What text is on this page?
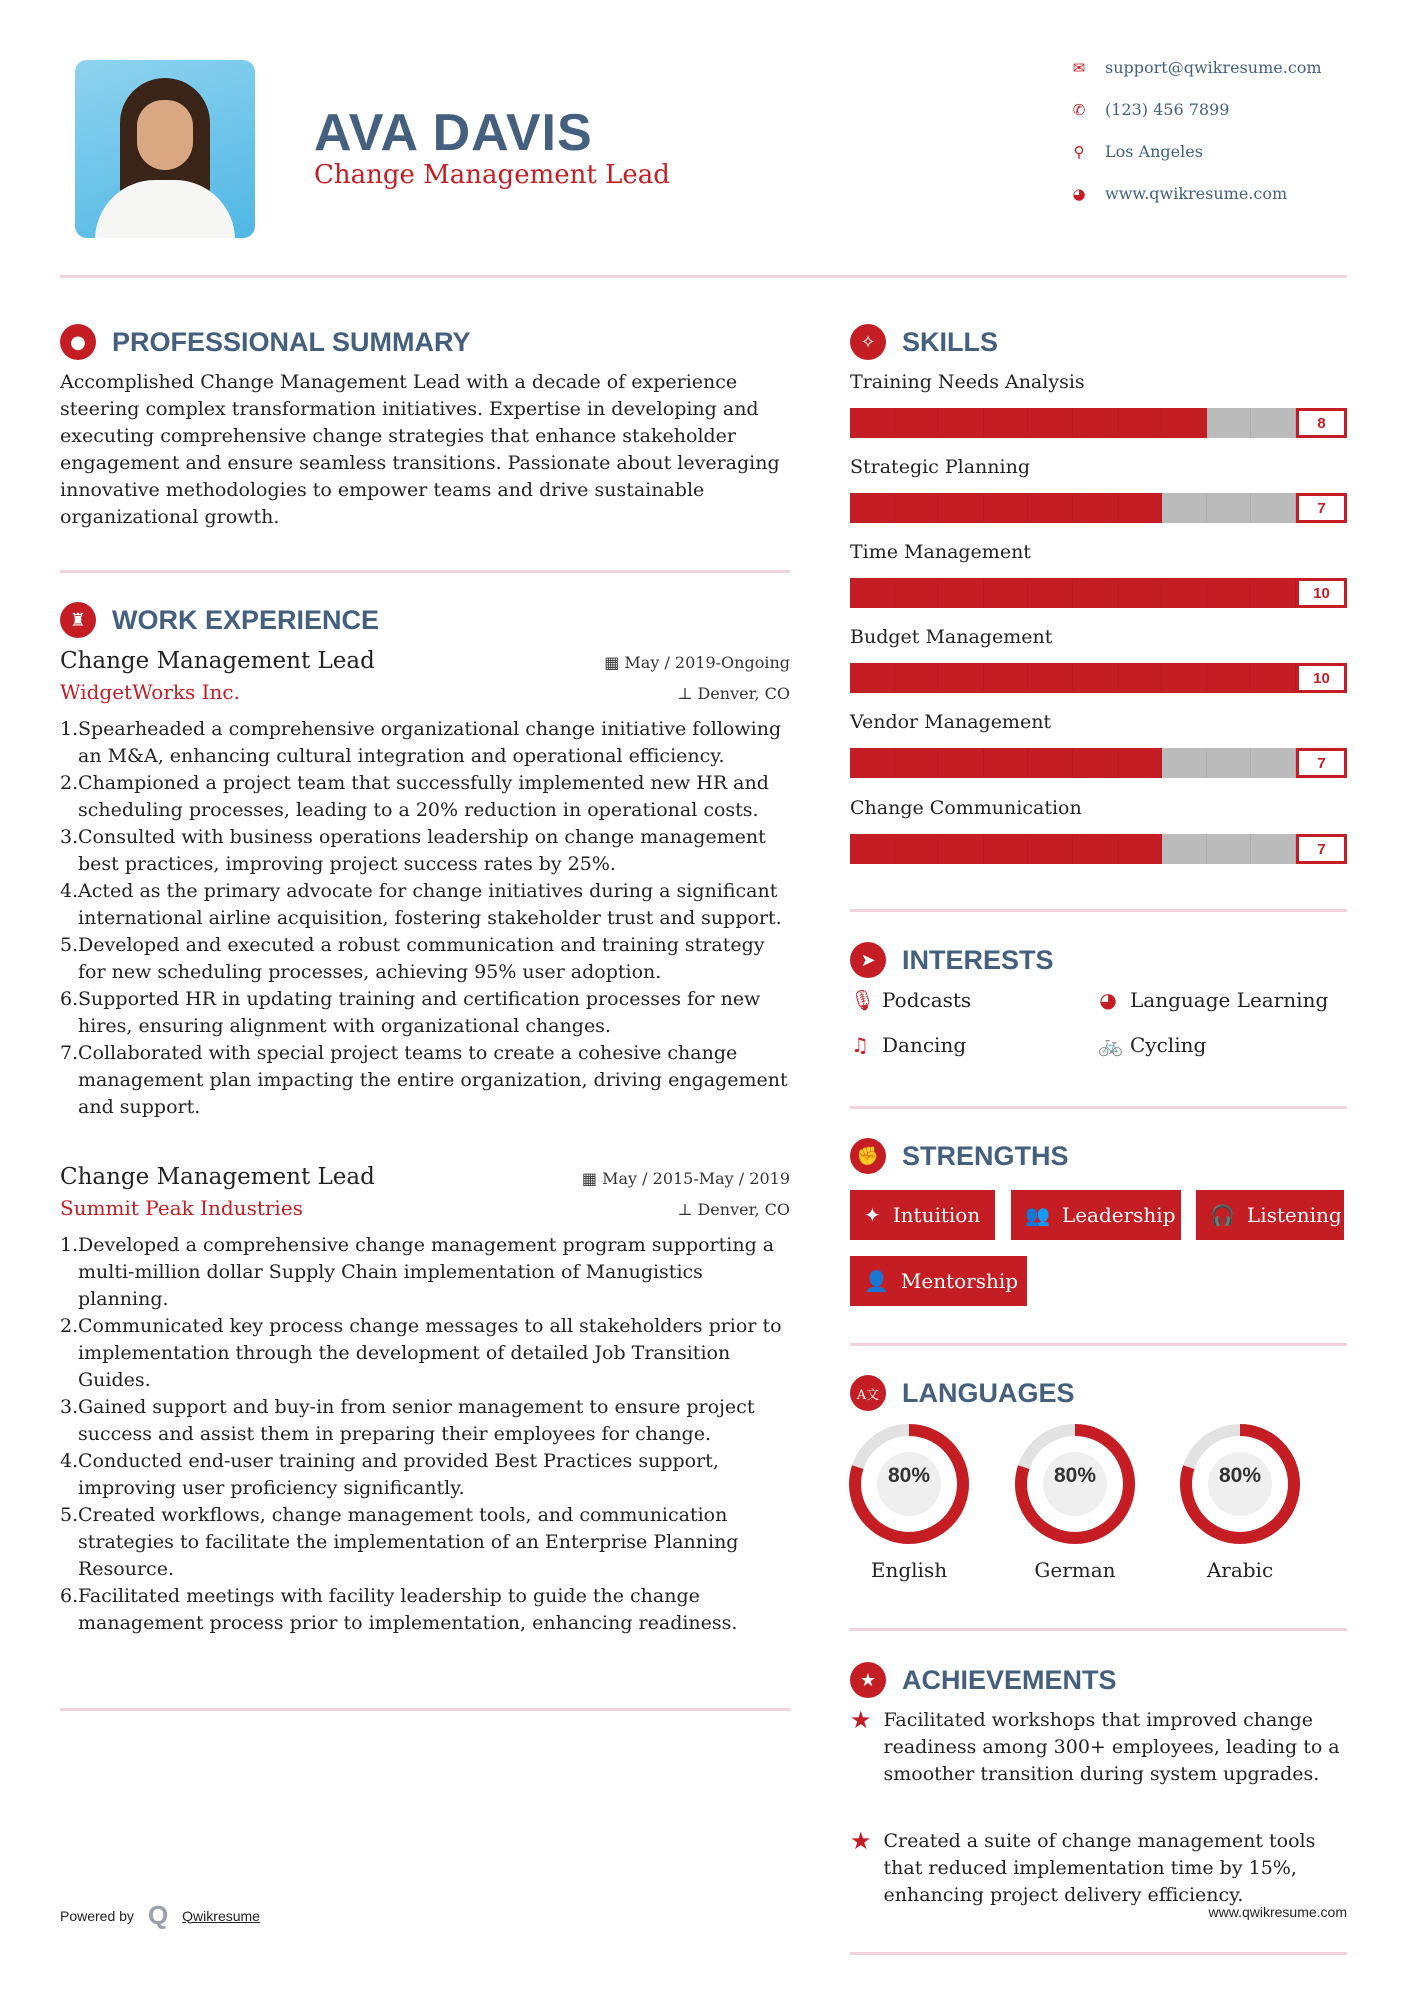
AVA DAVIS
Change Management Lead
✉ support@qwikresume.com
✆ (123) 456 7899
⚲ Los Angeles
◕ www.qwikresume.com
● PROFESSIONAL SUMMARY
Accomplished Change Management Lead with a decade of experience steering complex transformation initiatives. Expertise in developing and executing comprehensive change strategies that enhance stakeholder engagement and ensure seamless transitions. Passionate about leveraging innovative methodologies to empower teams and drive sustainable organizational growth.
♜ WORK EXPERIENCE
Change Management Lead	▦ May / 2019-Ongoing
WidgetWorks Inc.	⊥ Denver, CO
Spearheaded a comprehensive organizational change initiative following an M&A, enhancing cultural integration and operational efficiency.
Championed a project team that successfully implemented new HR and scheduling processes, leading to a 20% reduction in operational costs.
Consulted with business operations leadership on change management best practices, improving project success rates by 25%.
Acted as the primary advocate for change initiatives during a significant international airline acquisition, fostering stakeholder trust and support.
Developed and executed a robust communication and training strategy for new scheduling processes, achieving 95% user adoption.
Supported HR in updating training and certification processes for new hires, ensuring alignment with organizational changes.
Collaborated with special project teams to create a cohesive change management plan impacting the entire organization, driving engagement and support.
Change Management Lead	▦ May / 2015-May / 2019
Summit Peak Industries	⊥ Denver, CO
Developed a comprehensive change management program supporting a multi-million dollar Supply Chain implementation of Manugistics planning.
Communicated key process change messages to all stakeholders prior to implementation through the development of detailed Job Transition Guides.
Gained support and buy-in from senior management to ensure project success and assist them in preparing their employees for change.
Conducted end-user training and provided Best Practices support, improving user proficiency significantly.
Created workflows, change management tools, and communication strategies to facilitate the implementation of an Enterprise Planning Resource.
Facilitated meetings with facility leadership to guide the change management process prior to implementation, enhancing readiness.
Powered by Q Qwikresume
✧ SKILLS
Training Needs Analysis
8
Strategic Planning
7
Time Management
10
Budget Management
10
Vendor Management
7
Change Communication
7
➤ INTERESTS
🎙 Podcasts	◕ Language Learning
♫ Dancing	🚲 Cycling
✊ STRENGTHS
✦ Intuition 👥 Leadership 🎧 Listening
👤 Mentorship
A文 LANGUAGES
80%
English
80%
German
80%
Arabic
★ ACHIEVEMENTS
★ Facilitated workshops that improved change readiness among 300+ employees, leading to a smoother transition during system upgrades.
★ Created a suite of change management tools that reduced implementation time by 15%, enhancing project delivery efficiency.
www.qwikresume.com
